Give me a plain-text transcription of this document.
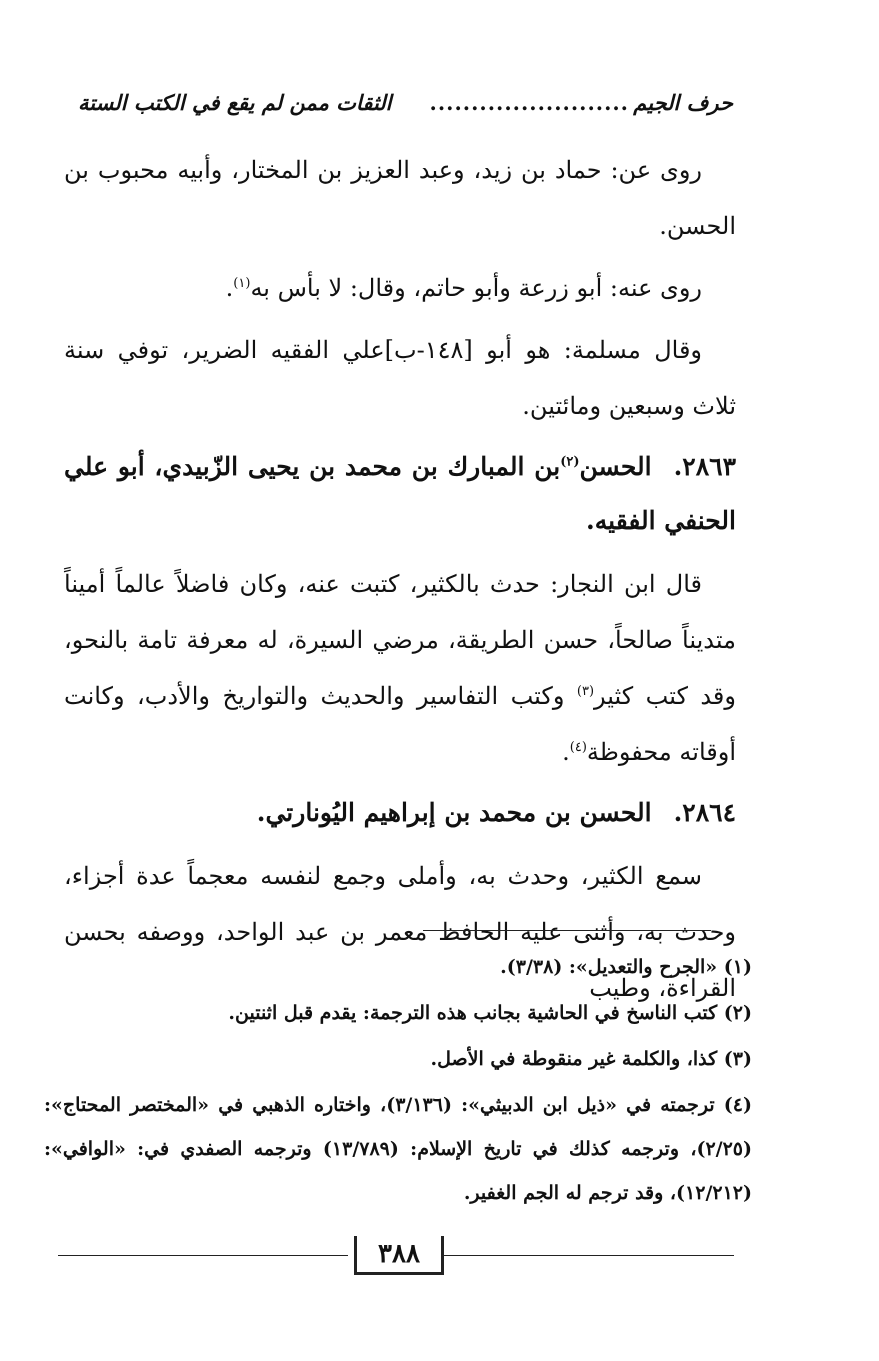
حرف الجيم
........................
الثقات ممن لم يقع في الكتب الستة

روى عن: حماد بن زيد، وعبد العزيز بن المختار، وأبيه محبوب بن الحسن.

روى عنه: أبو زرعة وأبو حاتم، وقال: لا بأس به$^{(١)}$.

وقال مسلمة: هو أبو [١٤٨-ب]علي الفقيه الضرير، توفي سنة ثلاث وسبعين ومائتين.

٢٨٦٣.الحسن$^{(٢)}$بن المبارك بن محمد بن يحيى الزّبيدي، أبو علي الحنفي الفقيه.

قال ابن النجار: حدث بالكثير، كتبت عنه، وكان فاضلاً عالماً أميناً متديناً صالحاً، حسن الطريقة، مرضي السيرة، له معرفة تامة بالنحو، وقد كتب كثير$^{(٣)}$ وكتب التفاسير والحديث والتواريخ والأدب، وكانت أوقاته محفوظة$^{(٤)}$.

٢٨٦٤.الحسن بن محمد بن إبراهيم اليُونارتي.

سمع الكثير، وحدث به، وأملى وجمع لنفسه معجماً عدة أجزاء، وحدث به، وأثنى عليه الحافظ معمر بن عبد الواحد، ووصفه بحسن القراءة، وطيب

(١) «الجرح والتعديل»: (٣/٣٨).

(٢) كتب الناسخ في الحاشية بجانب هذه الترجمة: يقدم قبل اثنتين.

(٣) كذا، والكلمة غير منقوطة في الأصل.

(٤) ترجمته في «ذيل ابن الدبيثي»: (٣/١٣٦)، واختاره الذهبي في «المختصر المحتاج»: (٢/٢٥)، وترجمه كذلك في تاريخ الإسلام: (١٣/٧٨٩) وترجمه الصفدي في: «الوافي»: (١٢/٢١٢)، وقد ترجم له الجم الغفير.

٣٨٨
